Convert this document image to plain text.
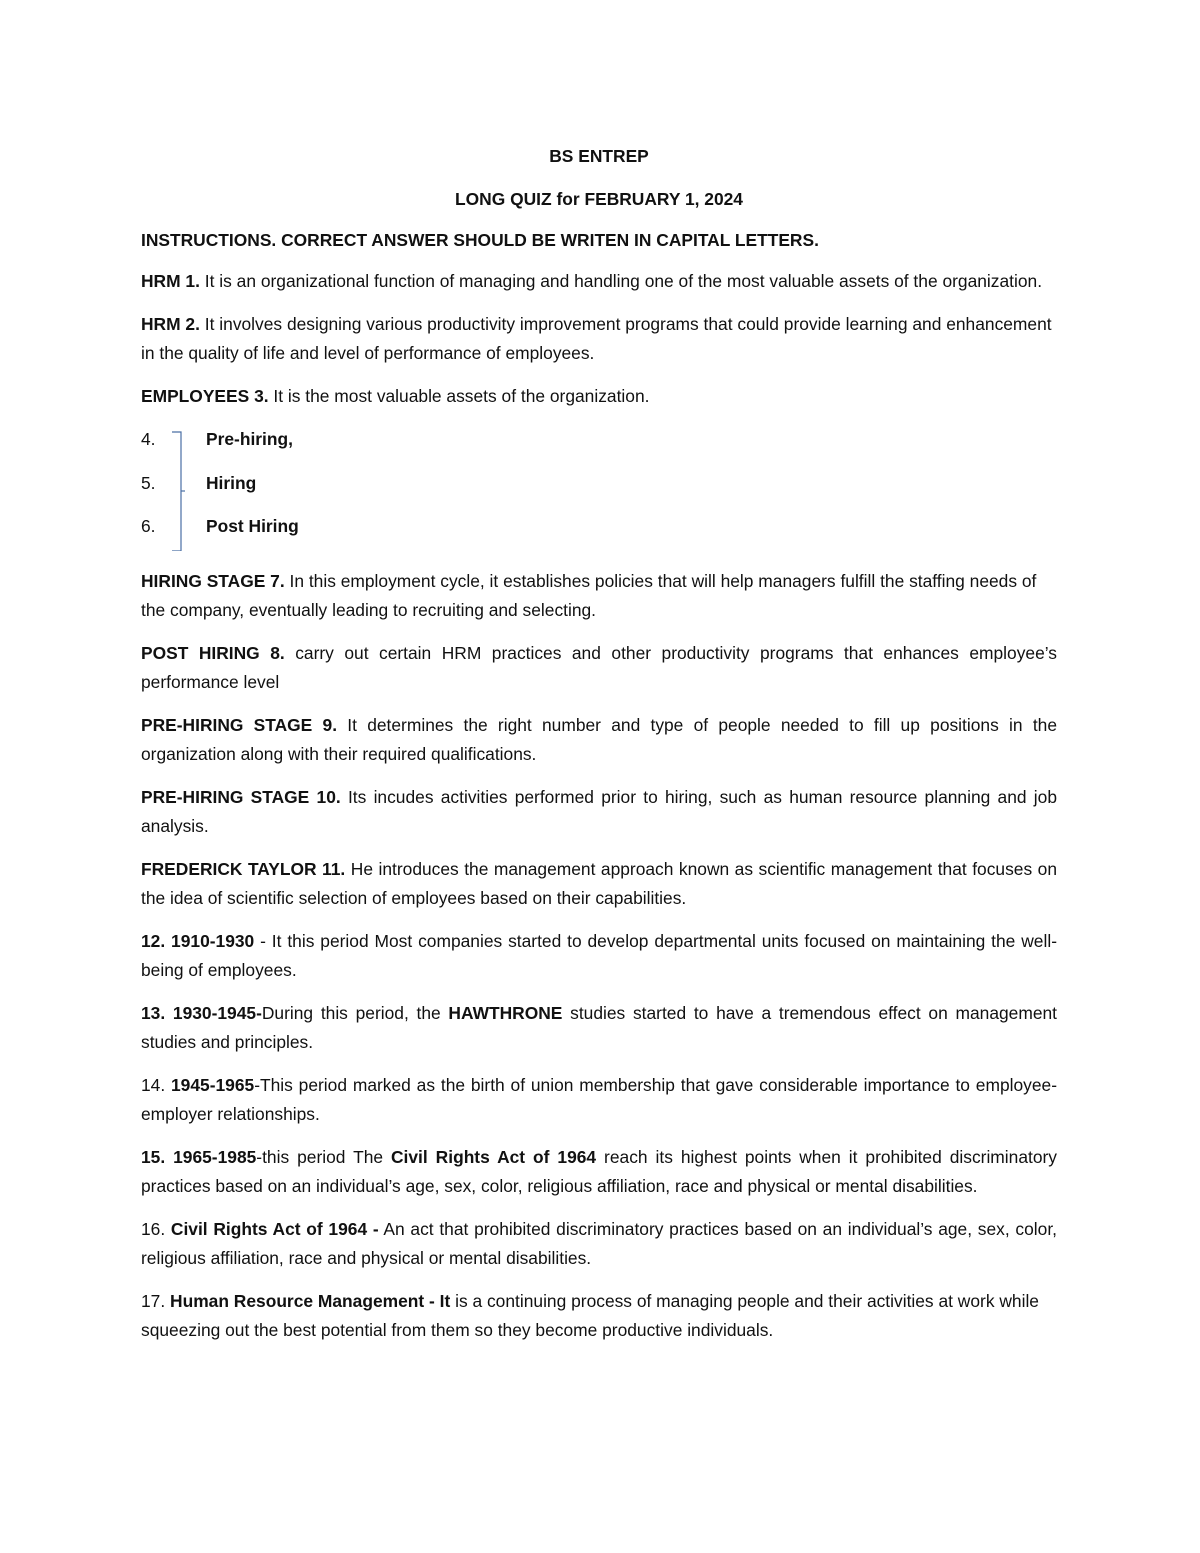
BS ENTREP

LONG QUIZ for FEBRUARY 1, 2024

INSTRUCTIONS. CORRECT ANSWER SHOULD BE WRITEN IN CAPITAL LETTERS.

HRM 1. It is an organizational function of managing and handling one of the most valuable assets of the organization.

HRM 2. It involves designing various productivity improvement programs that could provide learning and enhancement in the quality of life and level of performance of employees.

EMPLOYEES 3. It is the most valuable assets of the organization.

4.	Pre-hiring,
5.	Hiring
6.	Post Hiring

HIRING STAGE 7. In this employment cycle, it establishes policies that will help managers fulfill the staffing needs of the company, eventually leading to recruiting and selecting.

POST HIRING 8. carry out certain HRM practices and other productivity programs that enhances employee’s performance level

PRE-HIRING STAGE 9. It determines the right number and type of people needed to fill up positions in the organization along with their required qualifications.

PRE-HIRING STAGE 10. Its incudes activities performed prior to hiring, such as human resource planning and job analysis.

FREDERICK TAYLOR 11. He introduces the management approach known as scientific management that focuses on the idea of scientific selection of employees based on their capabilities.

12. 1910-1930 - It this period Most companies started to develop departmental units focused on maintaining the well-being of employees.

13. 1930-1945-During this period, the HAWTHRONE studies started to have a tremendous effect on management studies and principles.

14. 1945-1965-This period marked as the birth of union membership that gave considerable importance to employee-employer relationships.

15. 1965-1985-this period The Civil Rights Act of 1964 reach its highest points when it prohibited discriminatory practices based on an individual’s age, sex, color, religious affiliation, race and physical or mental disabilities.

16. Civil Rights Act of 1964 - An act that prohibited discriminatory practices based on an individual’s age, sex, color, religious affiliation, race and physical or mental disabilities.

17. Human Resource Management - It is a continuing process of managing people and their activities at work while squeezing out the best potential from them so they become productive individuals.
